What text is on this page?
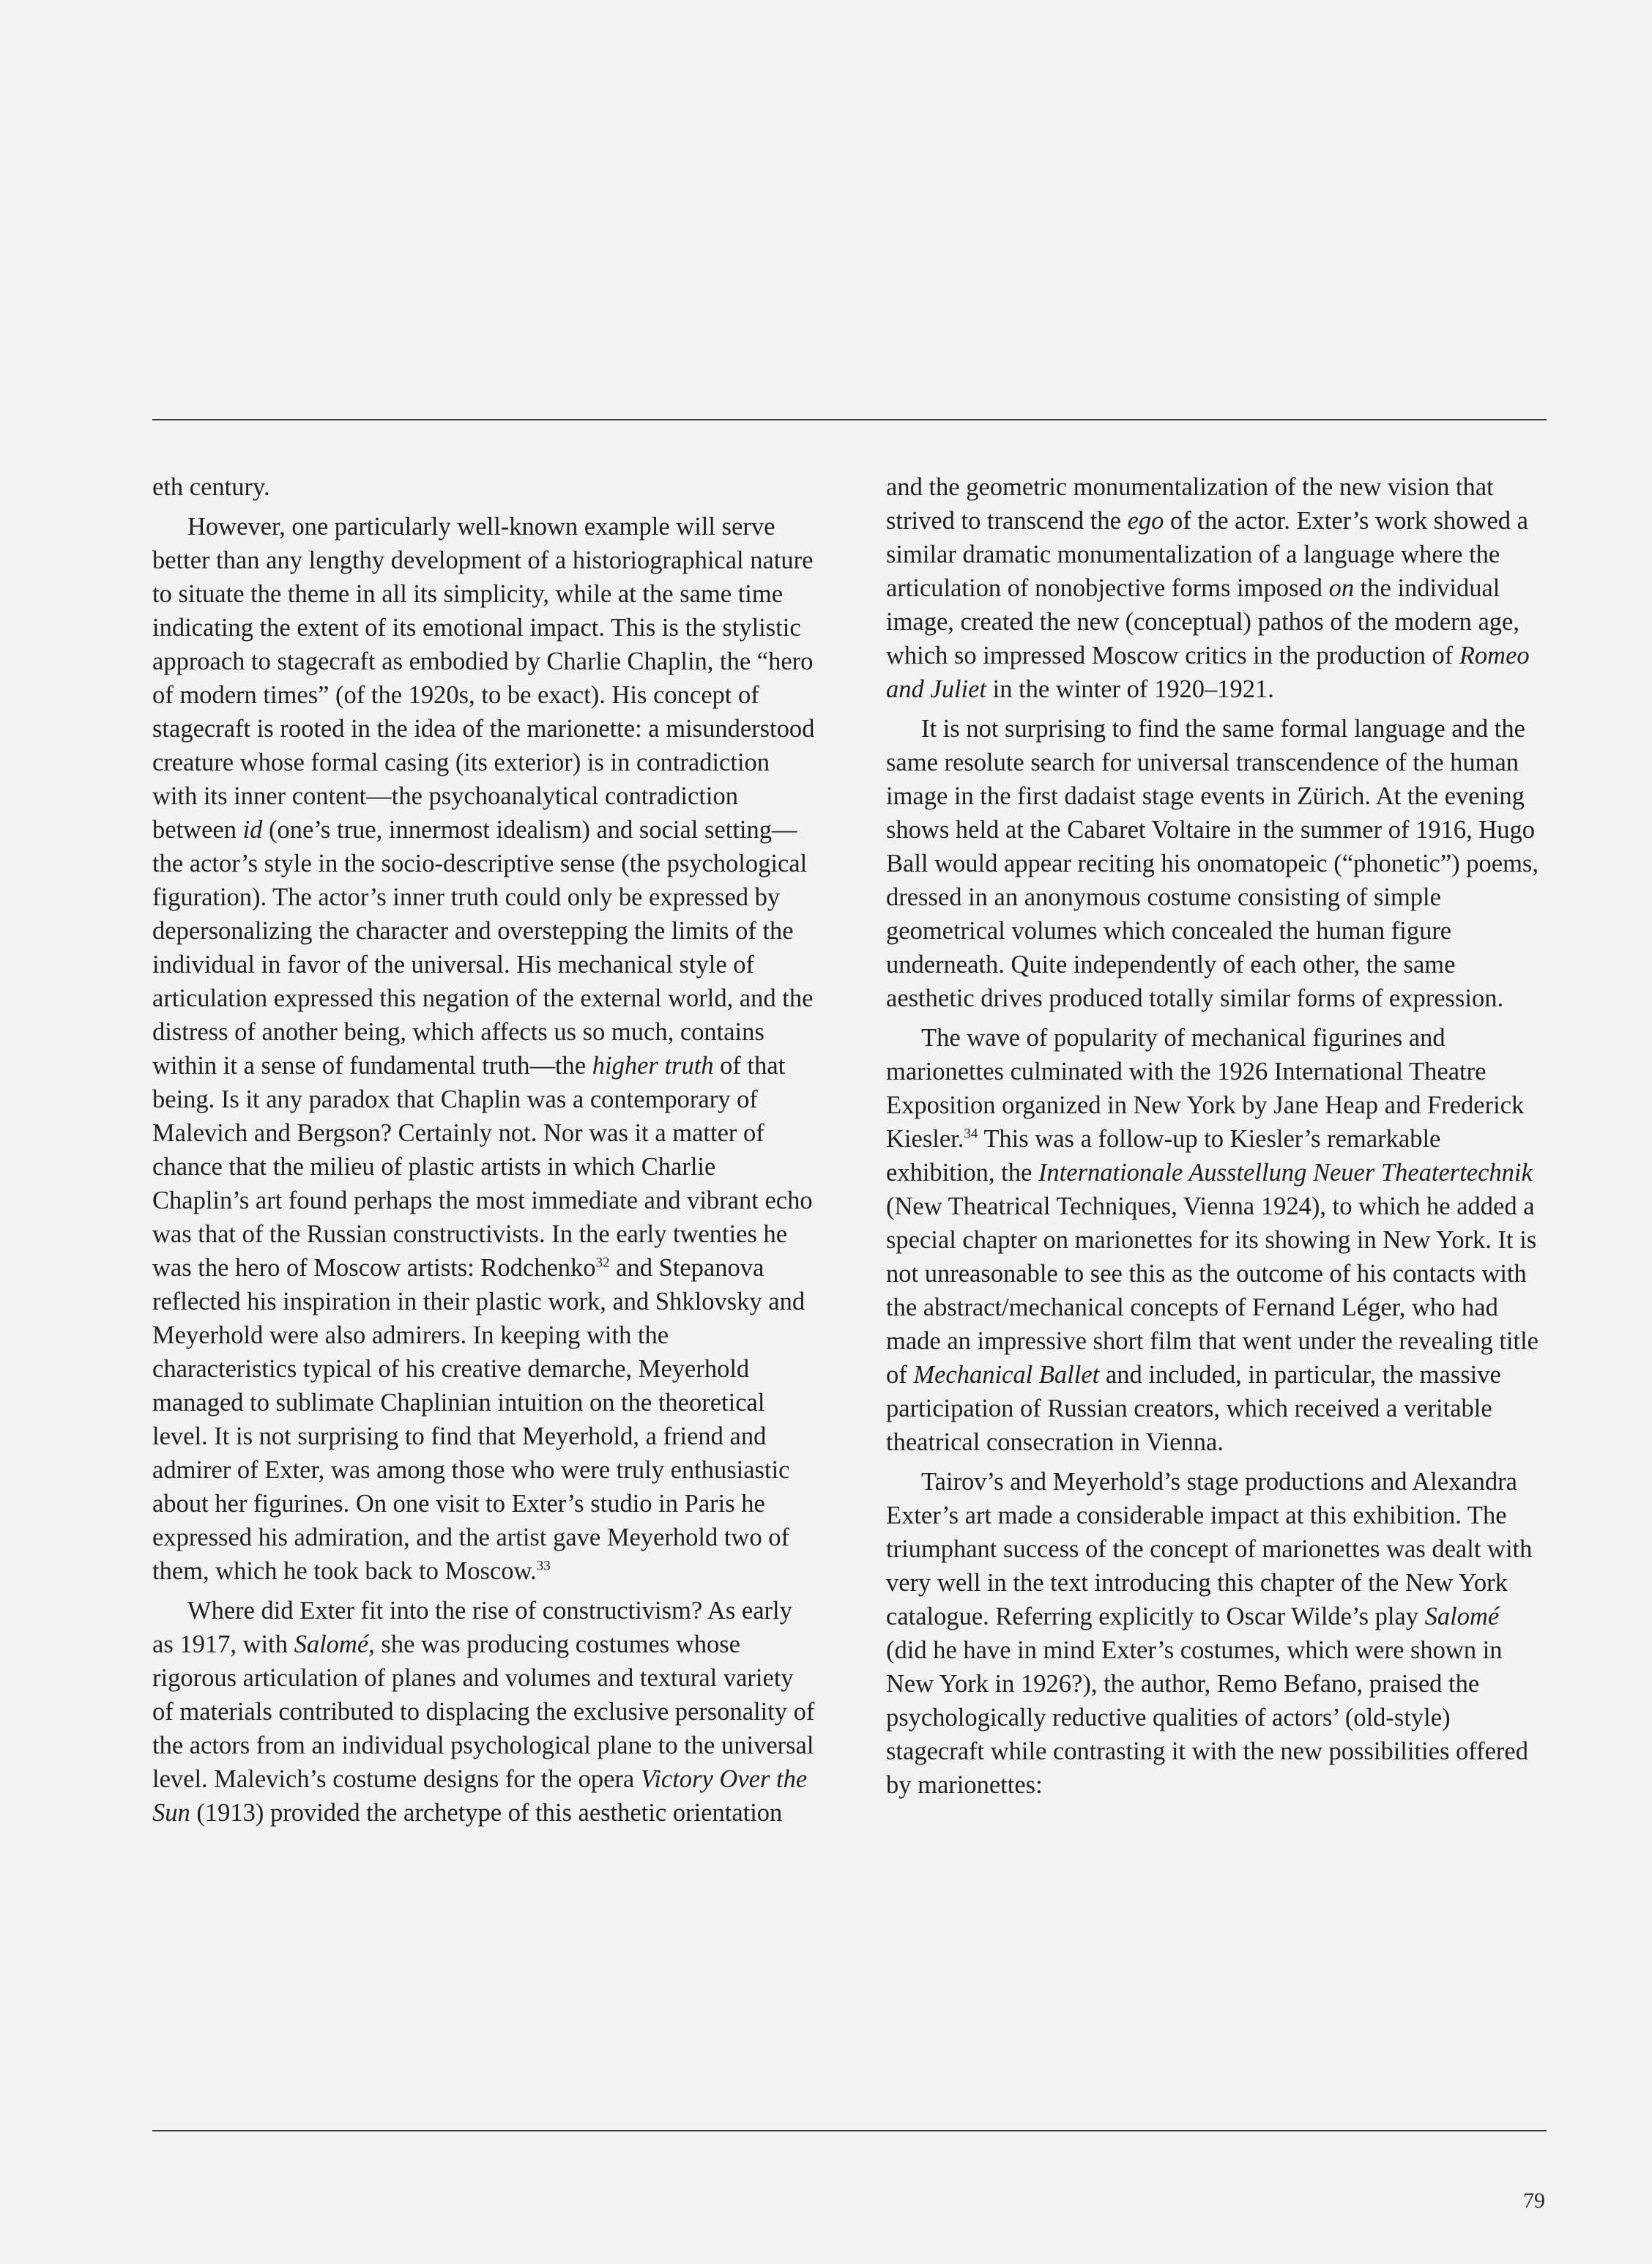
eth century.

However, one particularly well-known example will serve better than any lengthy development of a historiographical nature to situate the theme in all its simplicity, while at the same time indicating the extent of its emotional impact. This is the stylistic approach to stagecraft as embodied by Charlie Chaplin, the “hero of modern times” (of the 1920s, to be exact). His concept of stagecraft is rooted in the idea of the marionette: a misunderstood creature whose formal casing (its exterior) is in contradiction with its inner content—the psychoanalytical contradiction between id (one’s true, innermost idealism) and social setting—the actor’s style in the socio-descriptive sense (the psychological figuration). The actor’s inner truth could only be expressed by depersonalizing the character and overstepping the limits of the individual in favor of the universal. His mechanical style of articulation expressed this negation of the external world, and the distress of another being, which affects us so much, contains within it a sense of fundamental truth—the higher truth of that being. Is it any paradox that Chaplin was a contemporary of Malevich and Bergson? Certainly not. Nor was it a matter of chance that the milieu of plastic artists in which Charlie Chaplin’s art found perhaps the most immediate and vibrant echo was that of the Russian constructivists. In the early twenties he was the hero of Moscow artists: Rodchenko$^{32}$ and Stepanova reflected his inspiration in their plastic work, and Shklovsky and Meyerhold were also admirers. In keeping with the characteristics typical of his creative demarche, Meyerhold managed to sublimate Chaplinian intuition on the theoretical level. It is not surprising to find that Meyerhold, a friend and admirer of Exter, was among those who were truly enthusiastic about her figurines. On one visit to Exter’s studio in Paris he expressed his admiration, and the artist gave Meyerhold two of them, which he took back to Moscow.$^{33}$

Where did Exter fit into the rise of constructivism? As early as 1917, with Salomé, she was producing costumes whose rigorous articulation of planes and volumes and textural variety of materials contributed to displacing the exclusive personality of the actors from an individual psychological plane to the universal level. Malevich’s costume designs for the opera Victory Over the Sun (1913) provided the archetype of this aesthetic orientation

and the geometric monumentalization of the new vision that strived to transcend the ego of the actor. Exter’s work showed a similar dramatic monumentalization of a language where the articulation of nonobjective forms imposed on the individual image, created the new (conceptual) pathos of the modern age, which so impressed Moscow critics in the production of Romeo and Juliet in the winter of 1920–1921.

It is not surprising to find the same formal language and the same resolute search for universal transcendence of the human image in the first dadaist stage events in Zürich. At the evening shows held at the Cabaret Voltaire in the summer of 1916, Hugo Ball would appear reciting his onomatopeic (“phonetic”) poems, dressed in an anonymous costume consisting of simple geometrical volumes which concealed the human figure underneath. Quite independently of each other, the same aesthetic drives produced totally similar forms of expression.

The wave of popularity of mechanical figurines and marionettes culminated with the 1926 International Theatre Exposition organized in New York by Jane Heap and Frederick Kiesler.$^{34}$ This was a follow-up to Kiesler’s remarkable exhibition, the Internationale Ausstellung Neuer Theatertechnik (New Theatrical Techniques, Vienna 1924), to which he added a special chapter on marionettes for its showing in New York. It is not unreasonable to see this as the outcome of his contacts with the abstract/mechanical concepts of Fernand Léger, who had made an impressive short film that went under the revealing title of Mechanical Ballet and included, in particular, the massive participation of Russian creators, which received a veritable theatrical consecration in Vienna.

Tairov’s and Meyerhold’s stage productions and Alexandra Exter’s art made a considerable impact at this exhibition. The triumphant success of the concept of marionettes was dealt with very well in the text introducing this chapter of the New York catalogue. Referring explicitly to Oscar Wilde’s play Salomé (did he have in mind Exter’s costumes, which were shown in New York in 1926?), the author, Remo Befano, praised the psychologically reductive qualities of actors’ (old-style) stagecraft while contrasting it with the new possibilities offered by marionettes:

79
